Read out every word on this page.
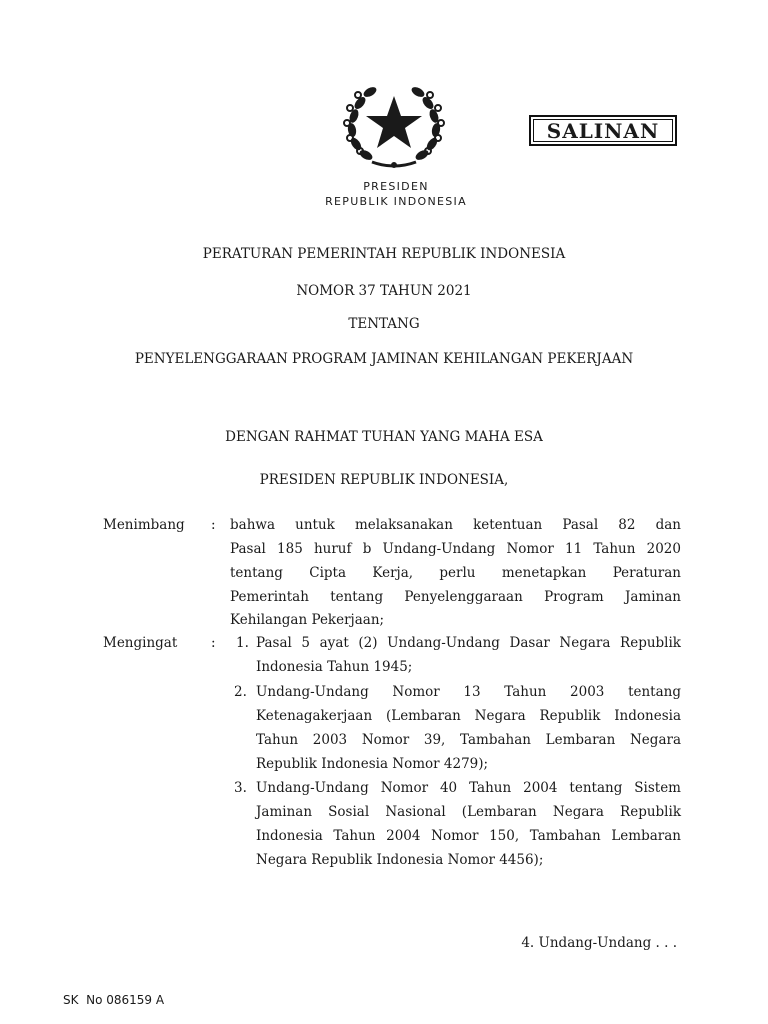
SALINAN
PRESIDEN
REPUBLIK INDONESIA
PERATURAN PEMERINTAH REPUBLIK INDONESIA
NOMOR 37 TAHUN 2021
TENTANG
PENYELENGGARAAN PROGRAM JAMINAN KEHILANGAN PEKERJAAN
DENGAN RAHMAT TUHAN YANG MAHA ESA
PRESIDEN REPUBLIK INDONESIA,
Menimbang : bahwa untuk melaksanakan ketentuan Pasal 82 dan
Pasal 185 huruf b Undang-Undang Nomor 11 Tahun 2020
tentang Cipta Kerja, perlu menetapkan Peraturan
Pemerintah tentang Penyelenggaraan Program Jaminan
Kehilangan Pekerjaan;
Mengingat : 1. Pasal 5 ayat (2) Undang-Undang Dasar Negara Republik
Indonesia Tahun 1945;
2. Undang-Undang Nomor 13 Tahun 2003 tentang
Ketenagakerjaan (Lembaran Negara Republik Indonesia
Tahun 2003 Nomor 39, Tambahan Lembaran Negara
Republik Indonesia Nomor 4279);
3. Undang-Undang Nomor 40 Tahun 2004 tentang Sistem
Jaminan Sosial Nasional (Lembaran Negara Republik
Indonesia Tahun 2004 Nomor 150, Tambahan Lembaran
Negara Republik Indonesia Nomor 4456);
4. Undang-Undang . . .
SK  No 086159 A
